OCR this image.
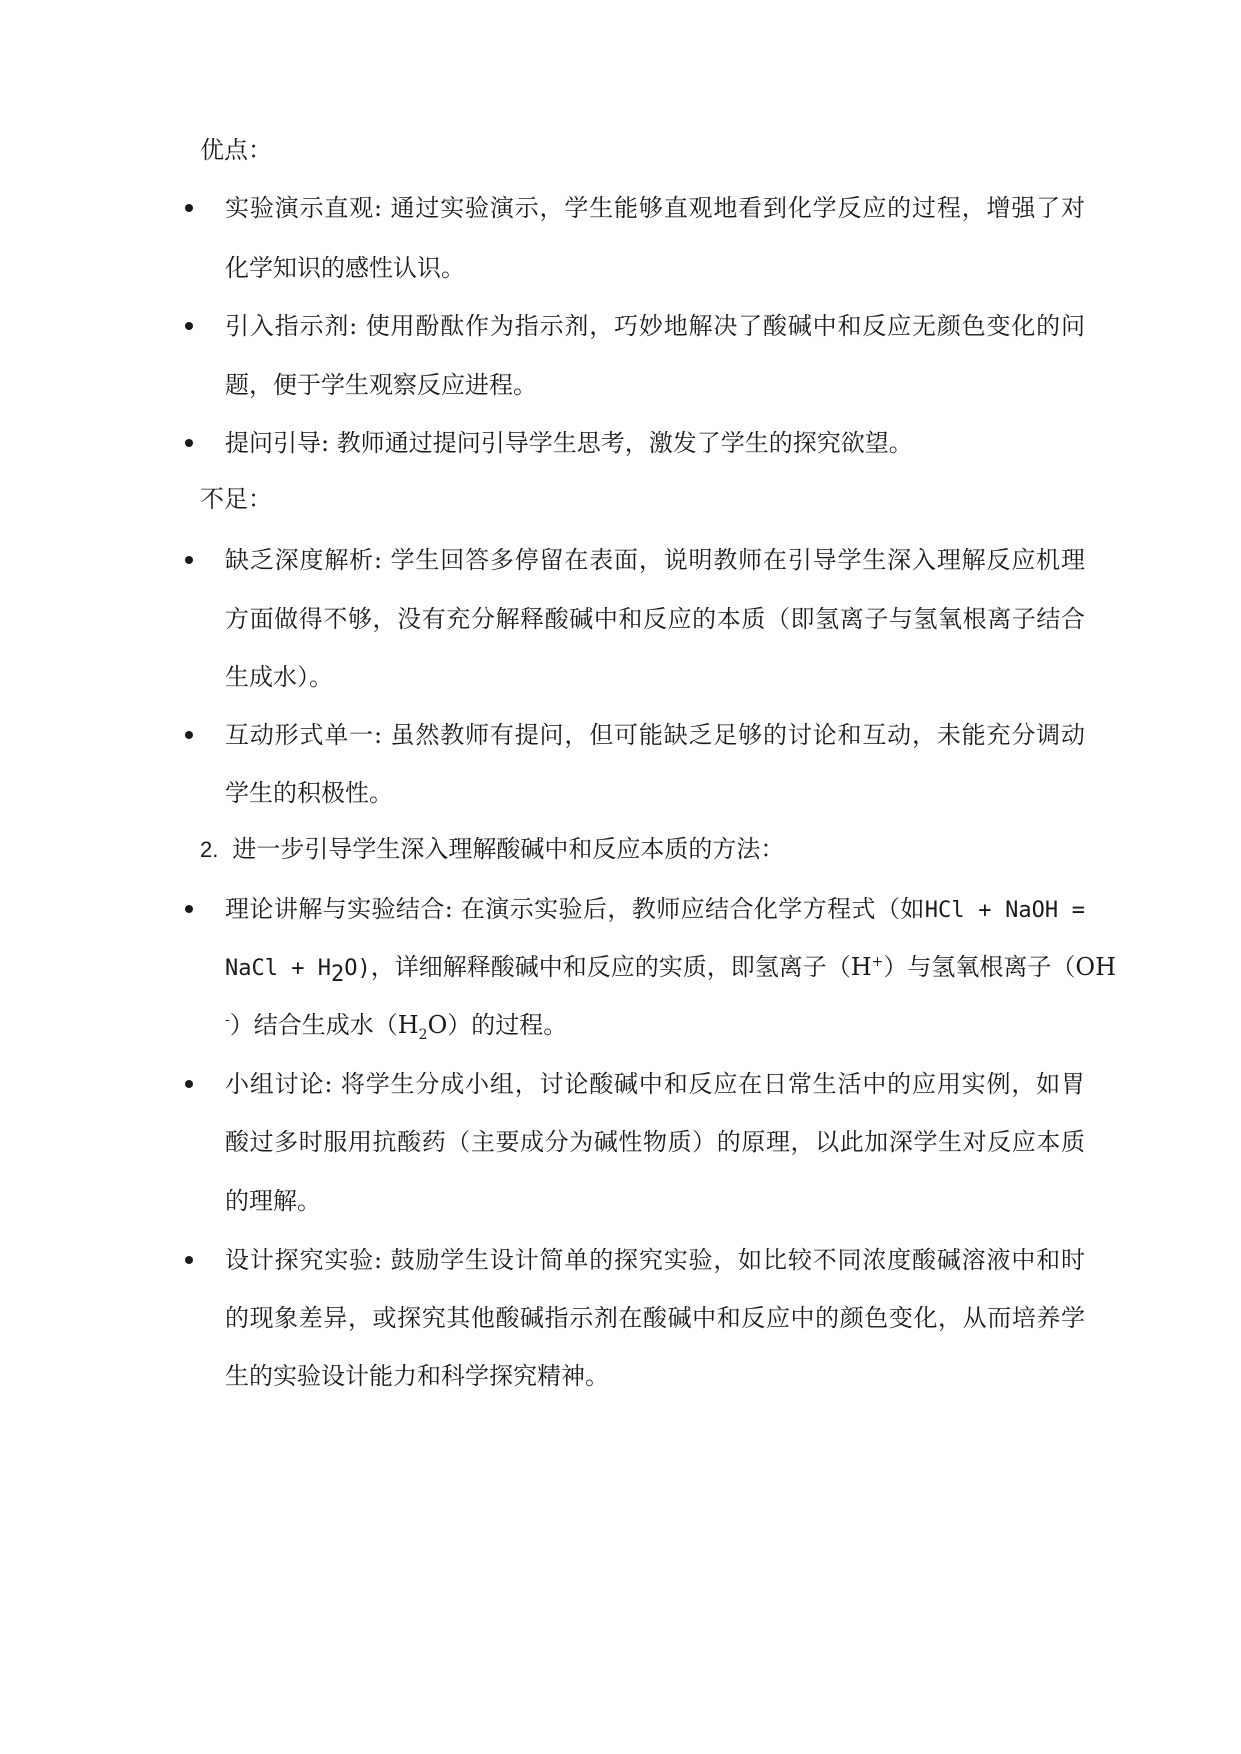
优点：
实验演示直观: 通过实验演示，学生能够直观地看到化学反应的过程，增强了对
化学知识的感性认识。
引入指示剂: 使用酚酞作为指示剂，巧妙地解决了酸碱中和反应无颜色变化的问
题，便于学生观察反应进程。
提问引导: 教师通过提问引导学生思考，激发了学生的探究欲望。
不足：
缺乏深度解析: 学生回答多停留在表面，说明教师在引导学生深入理解反应机理
方面做得不够，没有充分解释酸碱中和反应的本质（即氢离子与氢氧根离子结合
生成水）。
互动形式单一: 虽然教师有提问，但可能缺乏足够的讨论和互动，未能充分调动
学生的积极性。
2. 进一步引导学生深入理解酸碱中和反应本质的方法：
理论讲解与实验结合: 在演示实验后，教师应结合化学方程式（如HCl + NaOH =
NaCl + $H_2O$)，详细解释酸碱中和反应的实质，即氢离子（H+）与氢氧根离子（OH
-）结合生成水$(H_2O)$的过程。
小组讨论: 将学生分成小组，讨论酸碱中和反应在日常生活中的应用实例，如胃
酸过多时服用抗酸药（主要成分为碱性物质）的原理，以此加深学生对反应本质
的理解。
设计探究实验: 鼓励学生设计简单的探究实验，如比较不同浓度酸碱溶液中和时
的现象差异，或探究其他酸碱指示剂在酸碱中和反应中的颜色变化，从而培养学
生的实验设计能力和科学探究精神。
